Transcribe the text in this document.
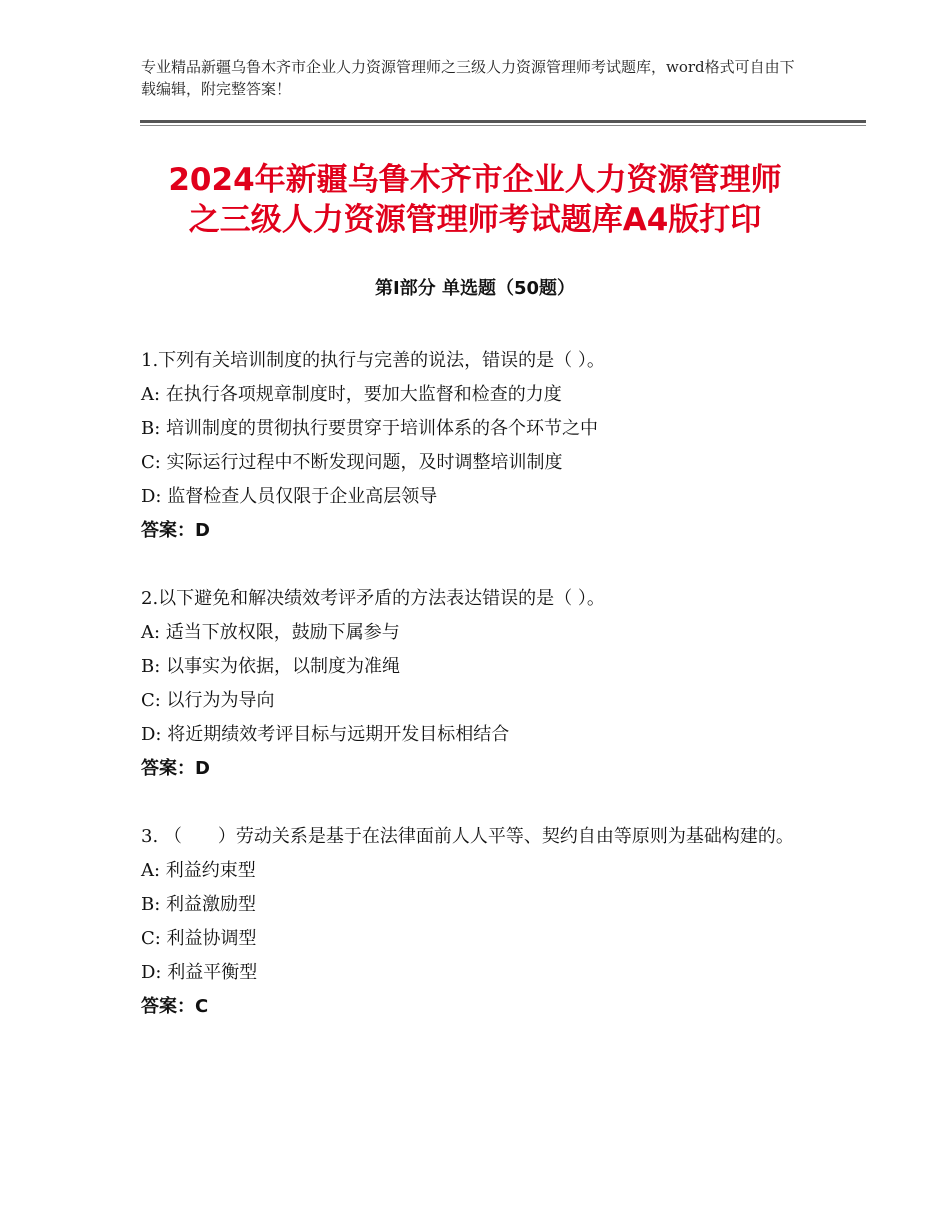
专业精品新疆乌鲁木齐市企业人力资源管理师之三级人力资源管理师考试题库，word格式可自由下载编辑，附完整答案！
2024年新疆乌鲁木齐市企业人力资源管理师
之三级人力资源管理师考试题库A4版打印
第Ⅰ部分 单选题（50题）
1.下列有关培训制度的执行与完善的说法，错误的是（ ）。
A: 在执行各项规章制度时，要加大监督和检查的力度
B: 培训制度的贯彻执行要贯穿于培训体系的各个环节之中
C: 实际运行过程中不断发现问题，及时调整培训制度
D: 监督检查人员仅限于企业高层领导
答案：D
2.以下避免和解决绩效考评矛盾的方法表达错误的是（ ）。
A: 适当下放权限，鼓励下属参与
B: 以事实为依据，以制度为准绳
C: 以行为为导向
D: 将近期绩效考评目标与远期开发目标相结合
答案：D
3. （　　）劳动关系是基于在法律面前人人平等、契约自由等原则为基础构建的。
A: 利益约束型
B: 利益激励型
C: 利益协调型
D: 利益平衡型
答案：C
